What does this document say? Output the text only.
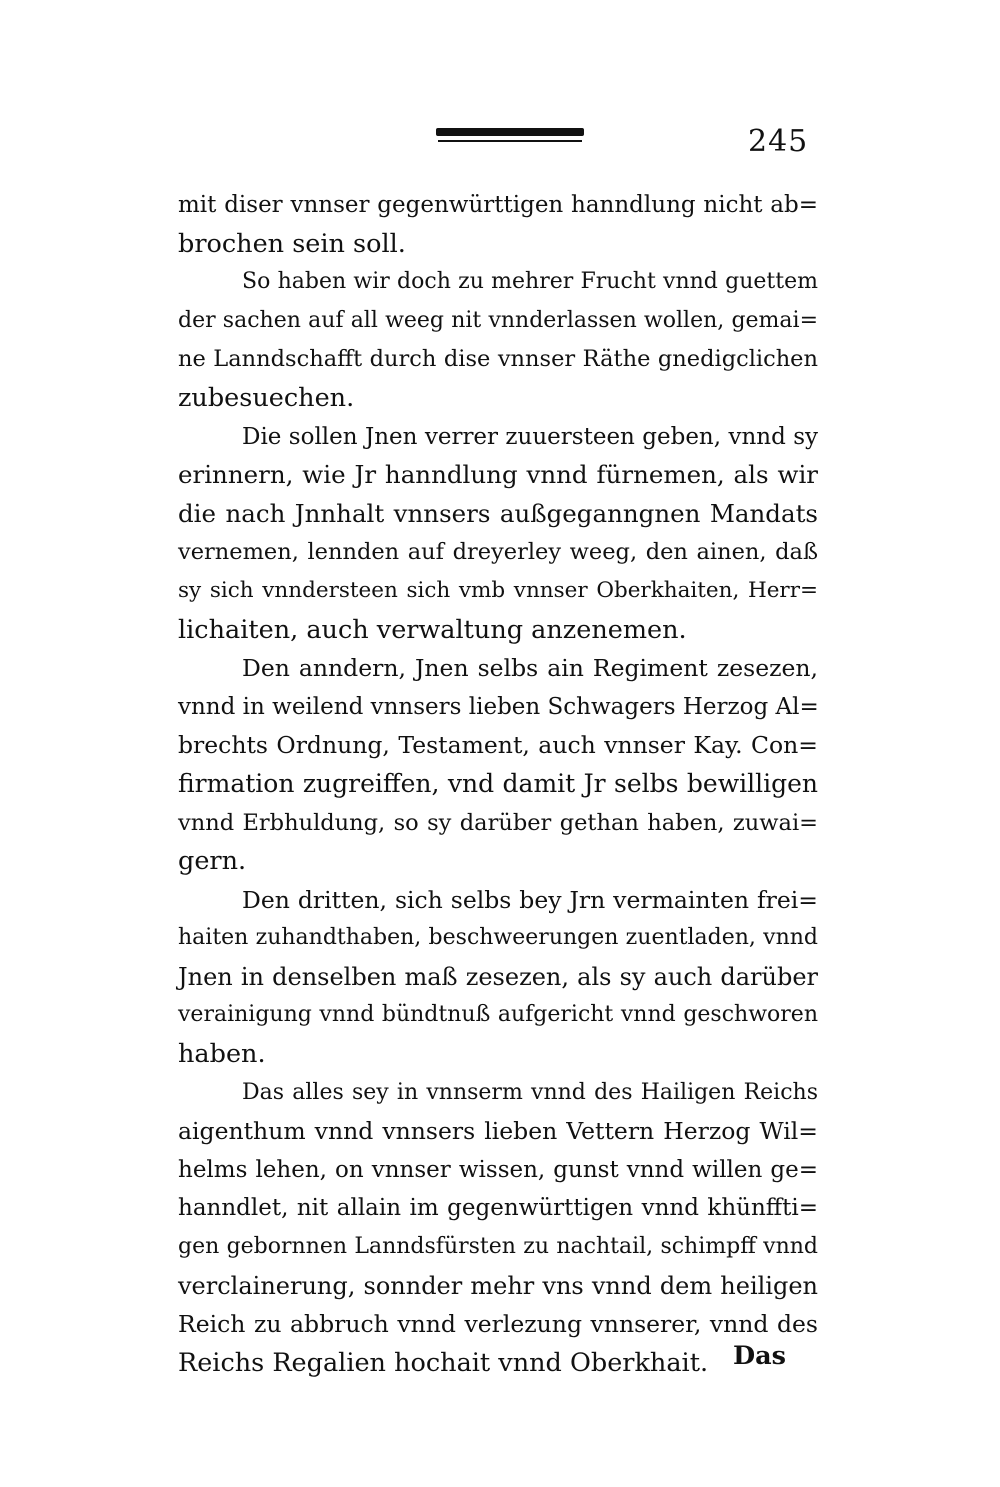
245
mit diser vnnser gegenwürttigen hanndlung nicht ab=
brochen sein soll.
So haben wir doch zu mehrer Frucht vnnd guettem
der sachen auf all weeg nit vnnderlassen wollen, gemai=
ne Lanndschafft durch dise vnnser Räthe gnedigclichen
zubesuechen.
Die sollen Jnen verrer zuuersteen geben, vnnd sy
erinnern, wie Jr hanndlung vnnd fürnemen, als wir
die nach Jnnhalt vnnsers außgeganngnen Mandats
vernemen, lennden auf dreyerley weeg, den ainen, daß
sy sich vnndersteen sich vmb vnnser Oberkhaiten, Herr=
lichaiten, auch verwaltung anzenemen.
Den anndern, Jnen selbs ain Regiment zesezen,
vnnd in weilend vnnsers lieben Schwagers Herzog Al=
brechts Ordnung, Testament, auch vnnser Kay. Con=
firmation zugreiffen, vnd damit Jr selbs bewilligen
vnnd Erbhuldung, so sy darüber gethan haben, zuwai=
gern.
Den dritten, sich selbs bey Jrn vermainten frei=
haiten zuhandthaben, beschweerungen zuentladen, vnnd
Jnen in denselben maß zesezen, als sy auch darüber
verainigung vnnd bündtnuß aufgericht vnnd geschworen
haben.
Das alles sey in vnnserm vnnd des Hailigen Reichs
aigenthum vnnd vnnsers lieben Vettern Herzog Wil=
helms lehen, on vnnser wissen, gunst vnnd willen ge=
hanndlet, nit allain im gegenwürttigen vnnd khünffti=
gen gebornnen Lanndsfürsten zu nachtail, schimpff vnnd
verclainerung, sonnder mehr vns vnnd dem heiligen
Reich zu abbruch vnnd verlezung vnnserer, vnnd des
Reichs Regalien hochait vnnd Oberkhait. Das
